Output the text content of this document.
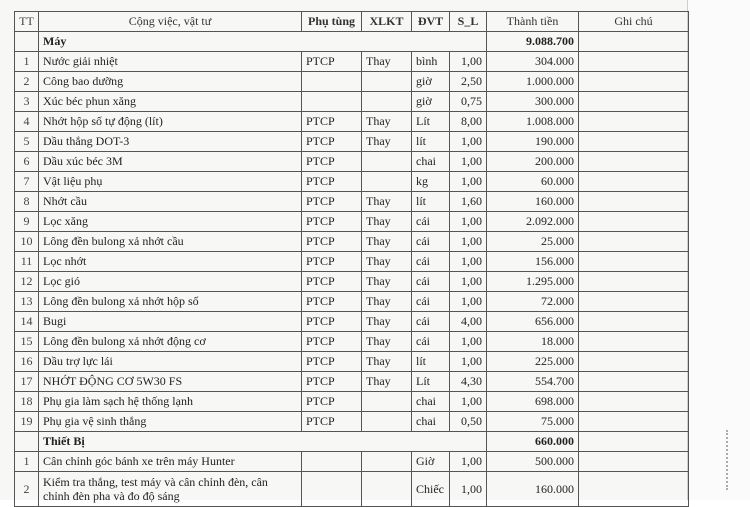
TT	Cộng việc, vật tư	Phụ tùng	XLKT	ĐVT	S_L	Thành tiền	Ghi chú
	Máy					9.088.700	
1	Nước giải nhiệt	PTCP	Thay	bình	1,00	304.000	
2	Công bao dưỡng			giờ	2,50	1.000.000	
3	Xúc béc phun xăng			giờ	0,75	300.000	
4	Nhớt hộp số tự động (lít)	PTCP	Thay	Lít	8,00	1.008.000	
5	Dầu thắng DOT-3	PTCP	Thay	lít	1,00	190.000	
6	Dầu xúc béc 3M	PTCP		chai	1,00	200.000	
7	Vật liệu phụ	PTCP		kg	1,00	60.000	
8	Nhớt cầu	PTCP	Thay	lít	1,60	160.000	
9	Lọc xăng	PTCP	Thay	cái	1,00	2.092.000	
10	Lông đền bulong xả nhớt cầu	PTCP	Thay	cái	1,00	25.000	
11	Lọc nhớt	PTCP	Thay	cái	1,00	156.000	
12	Lọc gió	PTCP	Thay	cái	1,00	1.295.000	
13	Lông đền bulong xả nhớt hộp số	PTCP	Thay	cái	1,00	72.000	
14	Bugi	PTCP	Thay	cái	4,00	656.000	
15	Lông đền bulong xả nhớt động cơ	PTCP	Thay	cái	1,00	18.000	
16	Dầu trợ lực lái	PTCP	Thay	lít	1,00	225.000	
17	NHỚT ĐỘNG CƠ 5W30 FS	PTCP	Thay	Lít	4,30	554.700	
18	Phụ gia làm sạch hệ thống lạnh	PTCP		chai	1,00	698.000	
19	Phụ gia vệ sinh thắng	PTCP		chai	0,50	75.000	
	Thiết Bị					660.000	
1	Cân chỉnh góc bánh xe trên máy Hunter			Giờ	1,00	500.000	
2	Kiểm tra thắng, test máy và cân chỉnh đèn, cân chỉnh đèn pha và đo độ sáng			Chiếc	1,00	160.000	
